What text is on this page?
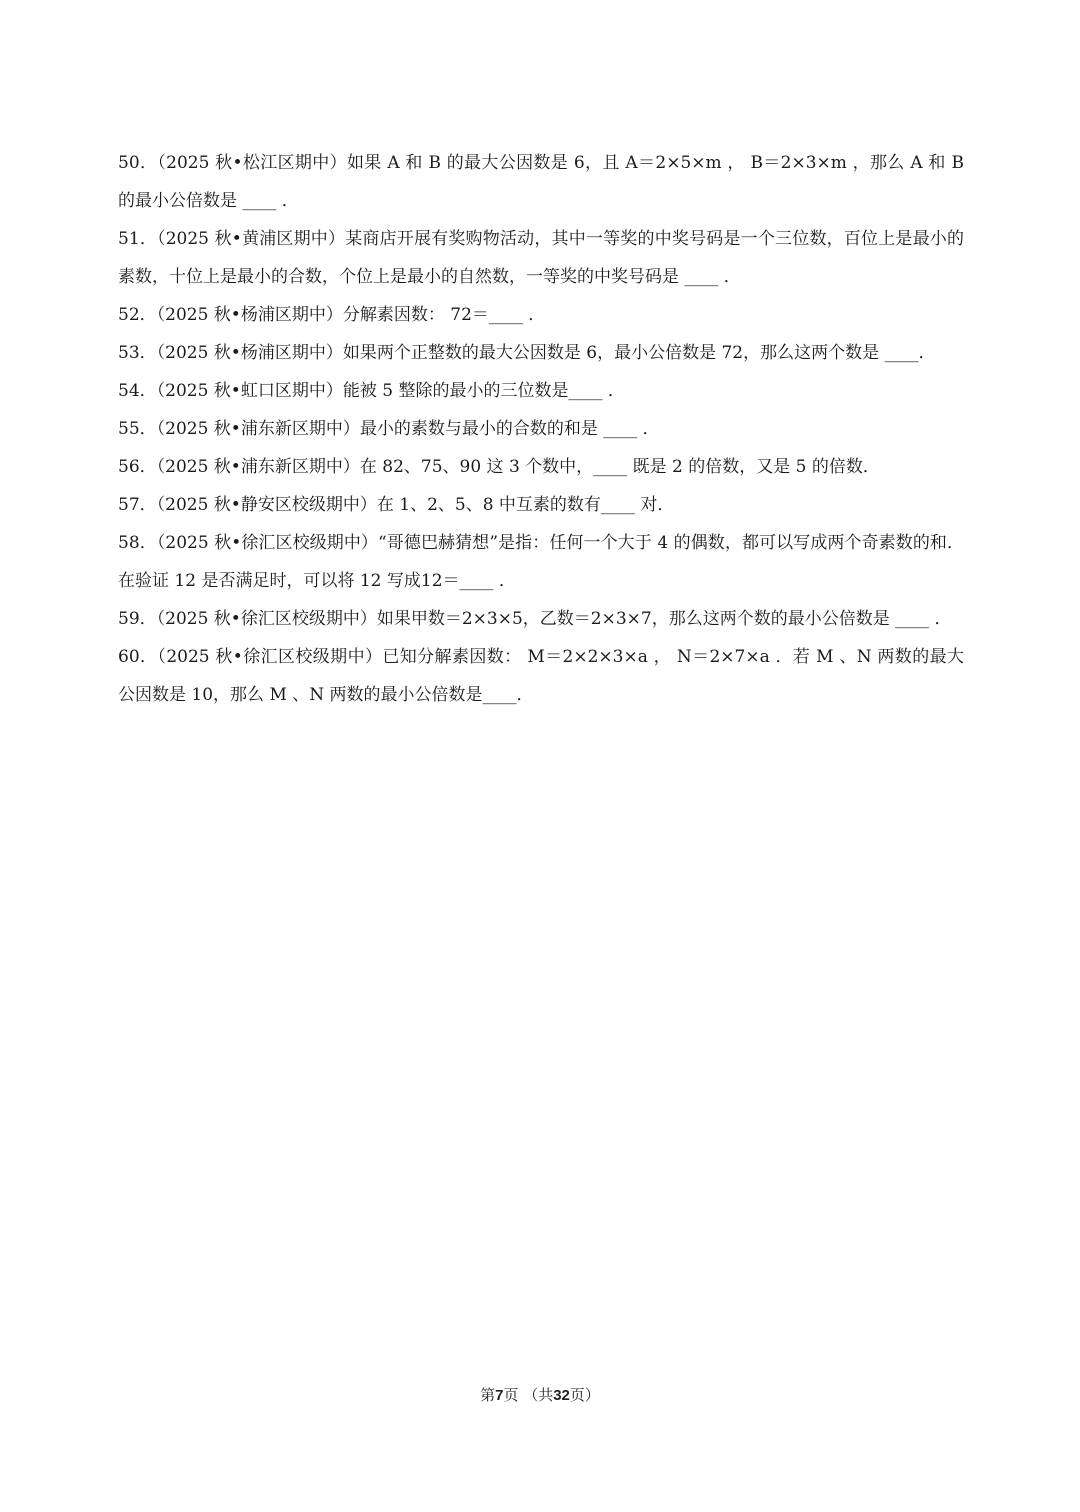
50．（2025 秋•松江区期中）如果 A 和 B 的最大公因数是 6，且 A＝2×5×m ， B＝2×3×m ，那么 A 和 B 的最小公倍数是 ____ ．

51．（2025 秋•黄浦区期中）某商店开展有奖购物活动，其中一等奖的中奖号码是一个三位数，百位上是最小的素数，十位上是最小的合数，个位上是最小的自然数，一等奖的中奖号码是 ____ ．

52．（2025 秋•杨浦区期中）分解素因数： 72＝____ ．

53．（2025 秋•杨浦区期中）如果两个正整数的最大公因数是 6，最小公倍数是 72，那么这两个数是 ____．

54．（2025 秋•虹口区期中）能被 5 整除的最小的三位数是____ ．

55．（2025 秋•浦东新区期中）最小的素数与最小的合数的和是 ____ ．

56．（2025 秋•浦东新区期中）在 82、75、90 这 3 个数中，____ 既是 2 的倍数，又是 5 的倍数．

57．（2025 秋•静安区校级期中）在 1、2、5、8 中互素的数有____ 对．

58．（2025 秋•徐汇区校级期中）“哥德巴赫猜想”是指：任何一个大于 4 的偶数，都可以写成两个奇素数的和．在验证 12 是否满足时，可以将 12 写成12＝____ ．

59．（2025 秋•徐汇区校级期中）如果甲数＝2×3×5，乙数＝2×3×7，那么这两个数的最小公倍数是 ____ ．

60．（2025 秋•徐汇区校级期中）已知分解素因数： M＝2×2×3×a ， N＝2×7×a ．若 M 、N 两数的最大公因数是 10，那么 M 、N 两数的最小公倍数是____．

第7页 （共32页）
